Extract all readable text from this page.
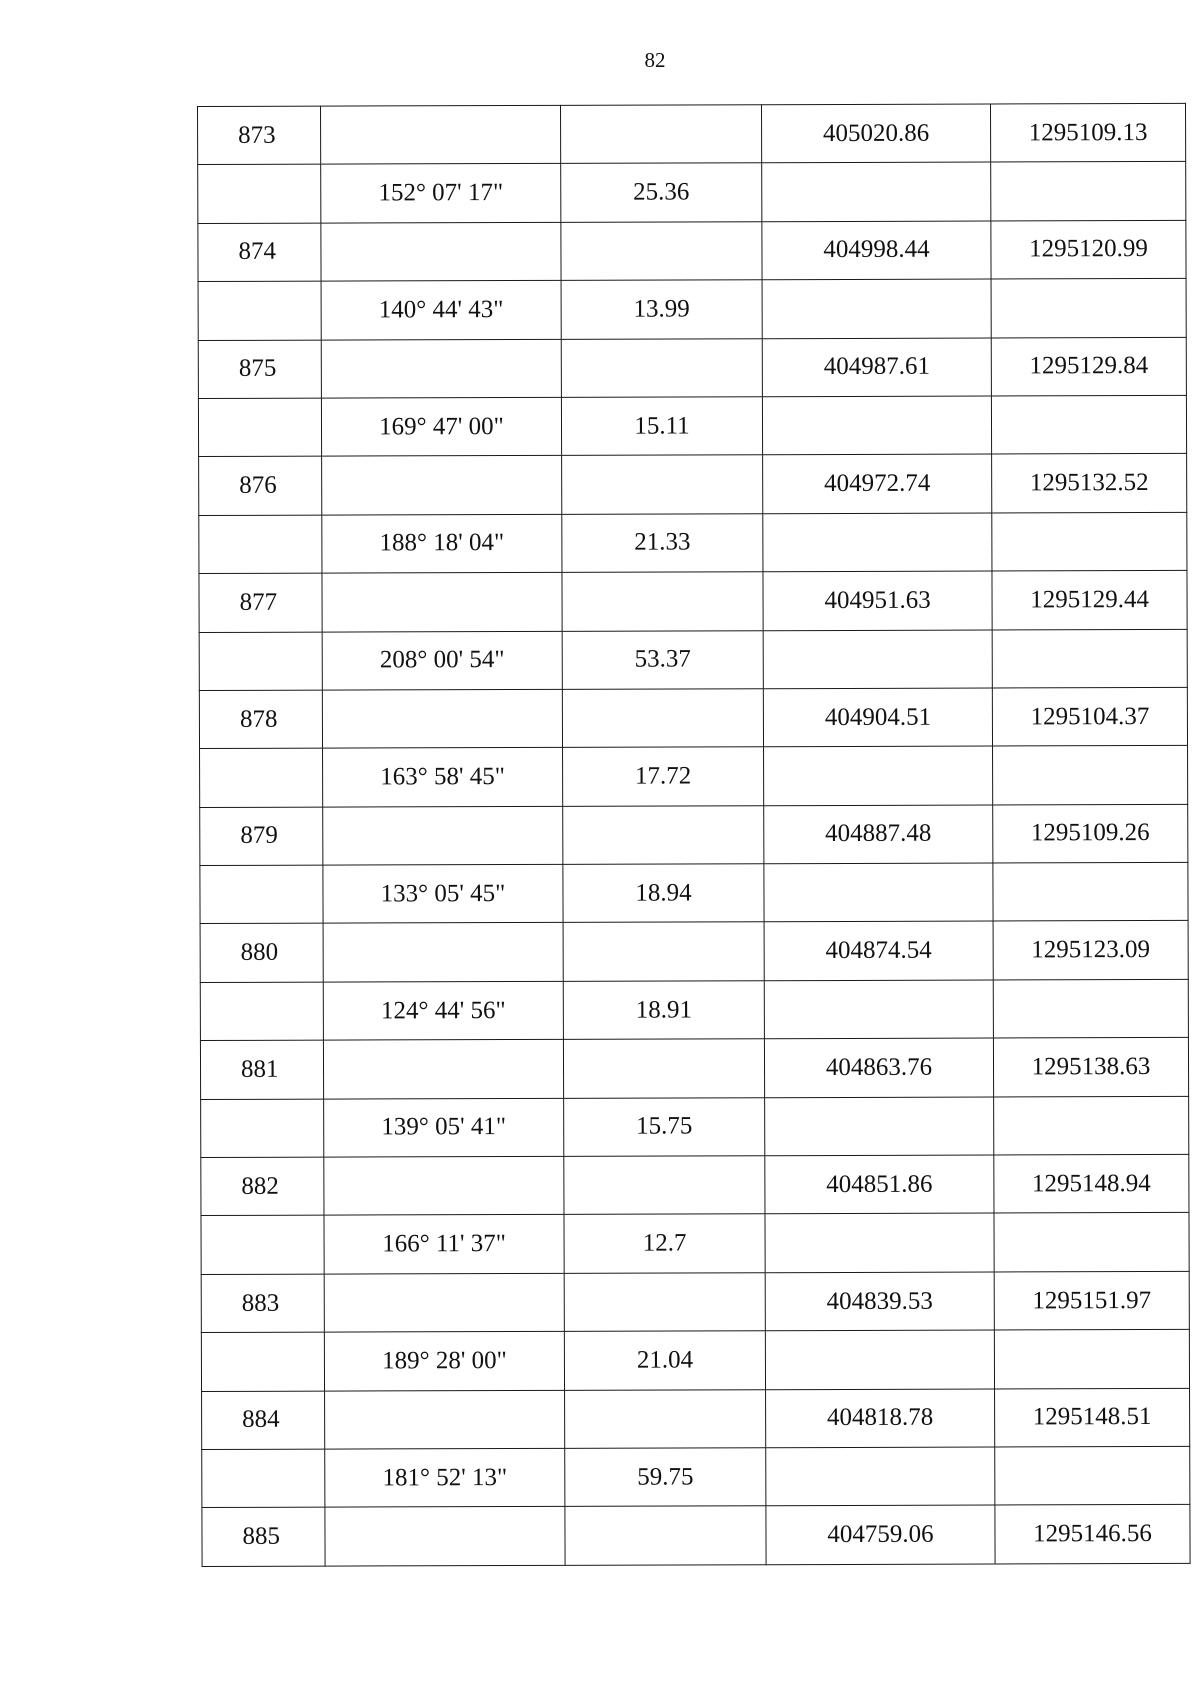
82
873			405020.86	1295109.13
	152° 07' 17"	25.36		
874			404998.44	1295120.99
	140° 44' 43"	13.99		
875			404987.61	1295129.84
	169° 47' 00"	15.11		
876			404972.74	1295132.52
	188° 18' 04"	21.33		
877			404951.63	1295129.44
	208° 00' 54"	53.37		
878			404904.51	1295104.37
	163° 58' 45"	17.72		
879			404887.48	1295109.26
	133° 05' 45"	18.94		
880			404874.54	1295123.09
	124° 44' 56"	18.91		
881			404863.76	1295138.63
	139° 05' 41"	15.75		
882			404851.86	1295148.94
	166° 11' 37"	12.7		
883			404839.53	1295151.97
	189° 28' 00"	21.04		
884			404818.78	1295148.51
	181° 52' 13"	59.75		
885			404759.06	1295146.56
